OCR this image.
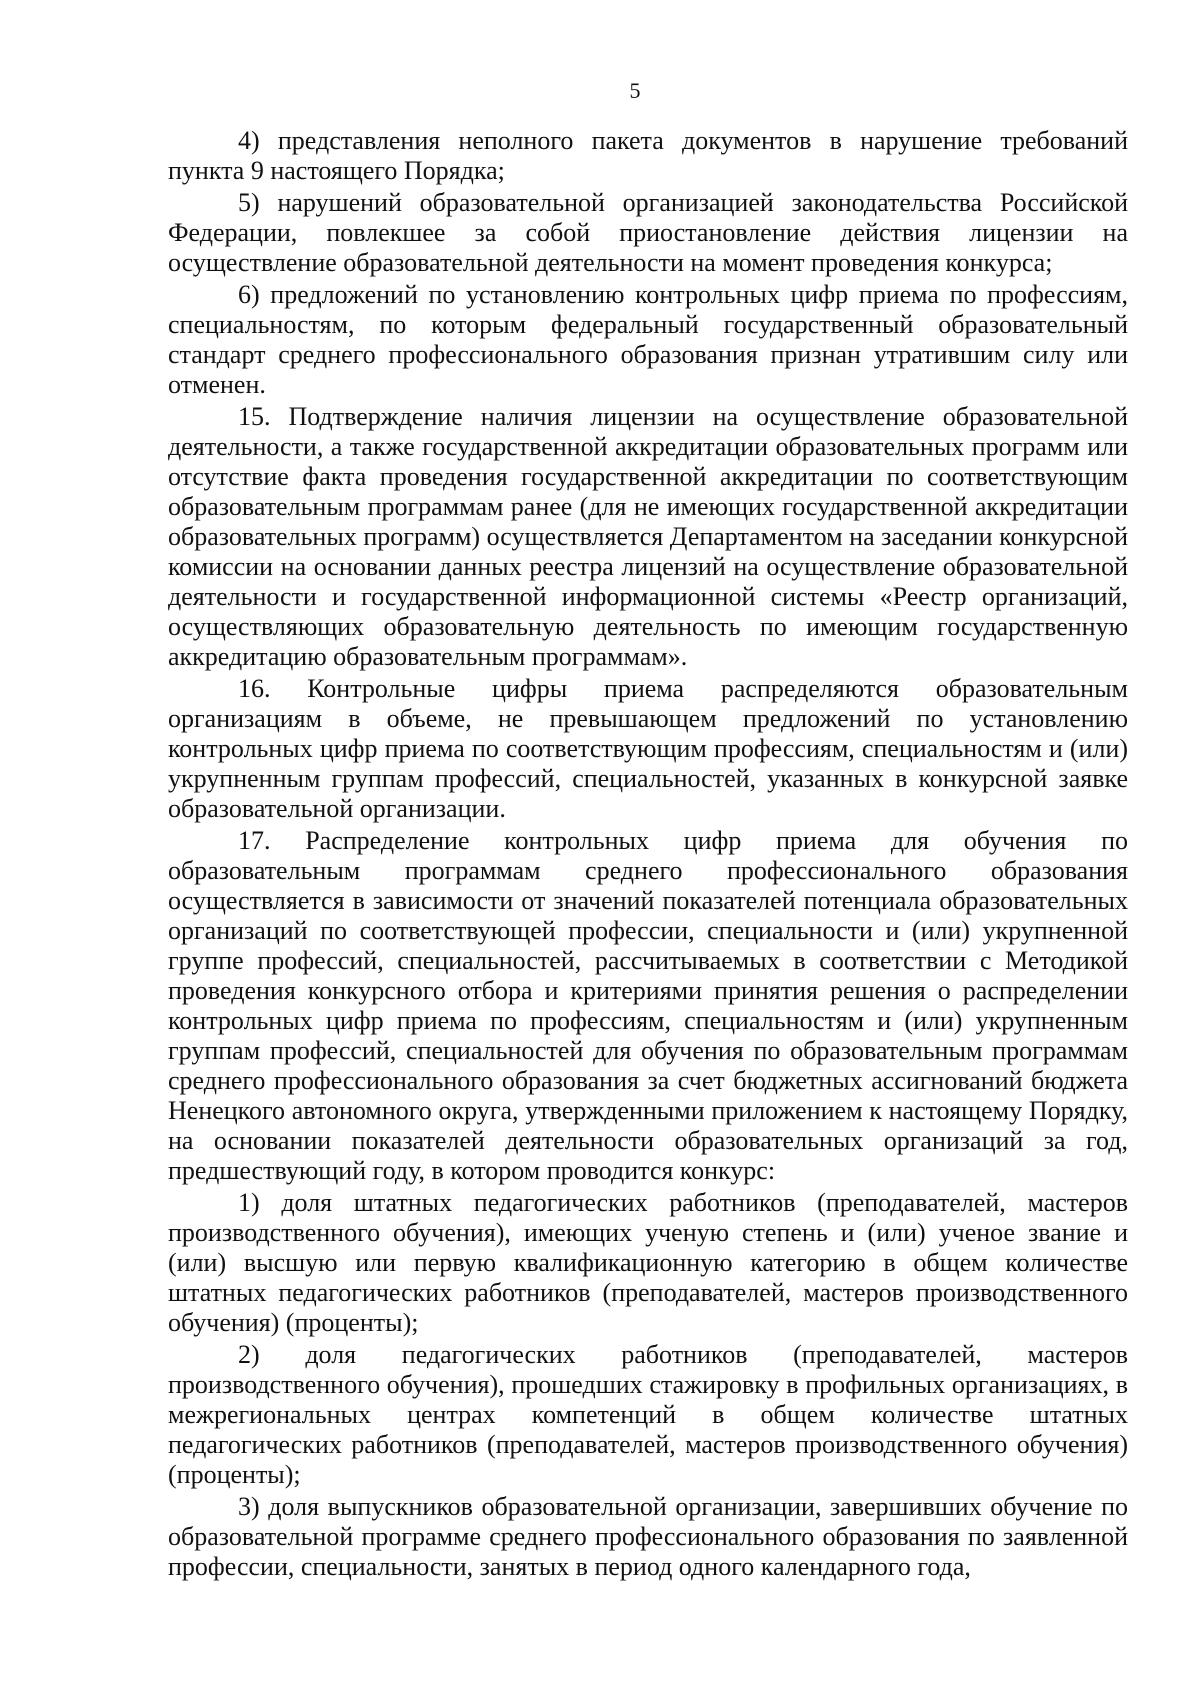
5

4) представления неполного пакета документов в нарушение требований пункта 9 настоящего Порядка;

5) нарушений образовательной организацией законодательства Российской Федерации, повлекшее за собой приостановление действия лицензии на осуществление образовательной деятельности на момент проведения конкурса;

6) предложений по установлению контрольных цифр приема по профессиям, специальностям, по которым федеральный государственный образовательный стандарт среднего профессионального образования признан утратившим силу или отменен.

15. Подтверждение наличия лицензии на осуществление образовательной деятельности, а также государственной аккредитации образовательных программ или отсутствие факта проведения государственной аккредитации по соответствующим образовательным программам ранее (для не имеющих государственной аккредитации образовательных программ) осуществляется Департаментом на заседании конкурсной комиссии на основании данных реестра лицензий на осуществление образовательной деятельности и государственной информационной системы «Реестр организаций, осуществляющих образовательную деятельность по имеющим государственную аккредитацию образовательным программам».

16. Контрольные цифры приема распределяются образовательным организациям в объеме, не превышающем предложений по установлению контрольных цифр приема по соответствующим профессиям, специальностям и (или) укрупненным группам профессий, специальностей, указанных в конкурсной заявке образовательной организации.

17. Распределение контрольных цифр приема для обучения по образовательным программам среднего профессионального образования осуществляется в зависимости от значений показателей потенциала образовательных организаций по соответствующей профессии, специальности и (или) укрупненной группе профессий, специальностей, рассчитываемых в соответствии с Методикой проведения конкурсного отбора и критериями принятия решения о распределении контрольных цифр приема по профессиям, специальностям и (или) укрупненным группам профессий, специальностей для обучения по образовательным программам среднего профессионального образования за счет бюджетных ассигнований бюджета Ненецкого автономного округа, утвержденными приложением к настоящему Порядку, на основании показателей деятельности образовательных организаций за год, предшествующий году, в котором проводится конкурс:

1) доля штатных педагогических работников (преподавателей, мастеров производственного обучения), имеющих ученую степень и (или) ученое звание и (или) высшую или первую квалификационную категорию в общем количестве штатных педагогических работников (преподавателей, мастеров производственного обучения) (проценты);

2) доля педагогических работников (преподавателей, мастеров производственного обучения), прошедших стажировку в профильных организациях, в межрегиональных центрах компетенций в общем количестве штатных педагогических работников (преподавателей, мастеров производственного обучения) (проценты);

3) доля выпускников образовательной организации, завершивших обучение по образовательной программе среднего профессионального образования по заявленной профессии, специальности, занятых в период одного календарного года,
